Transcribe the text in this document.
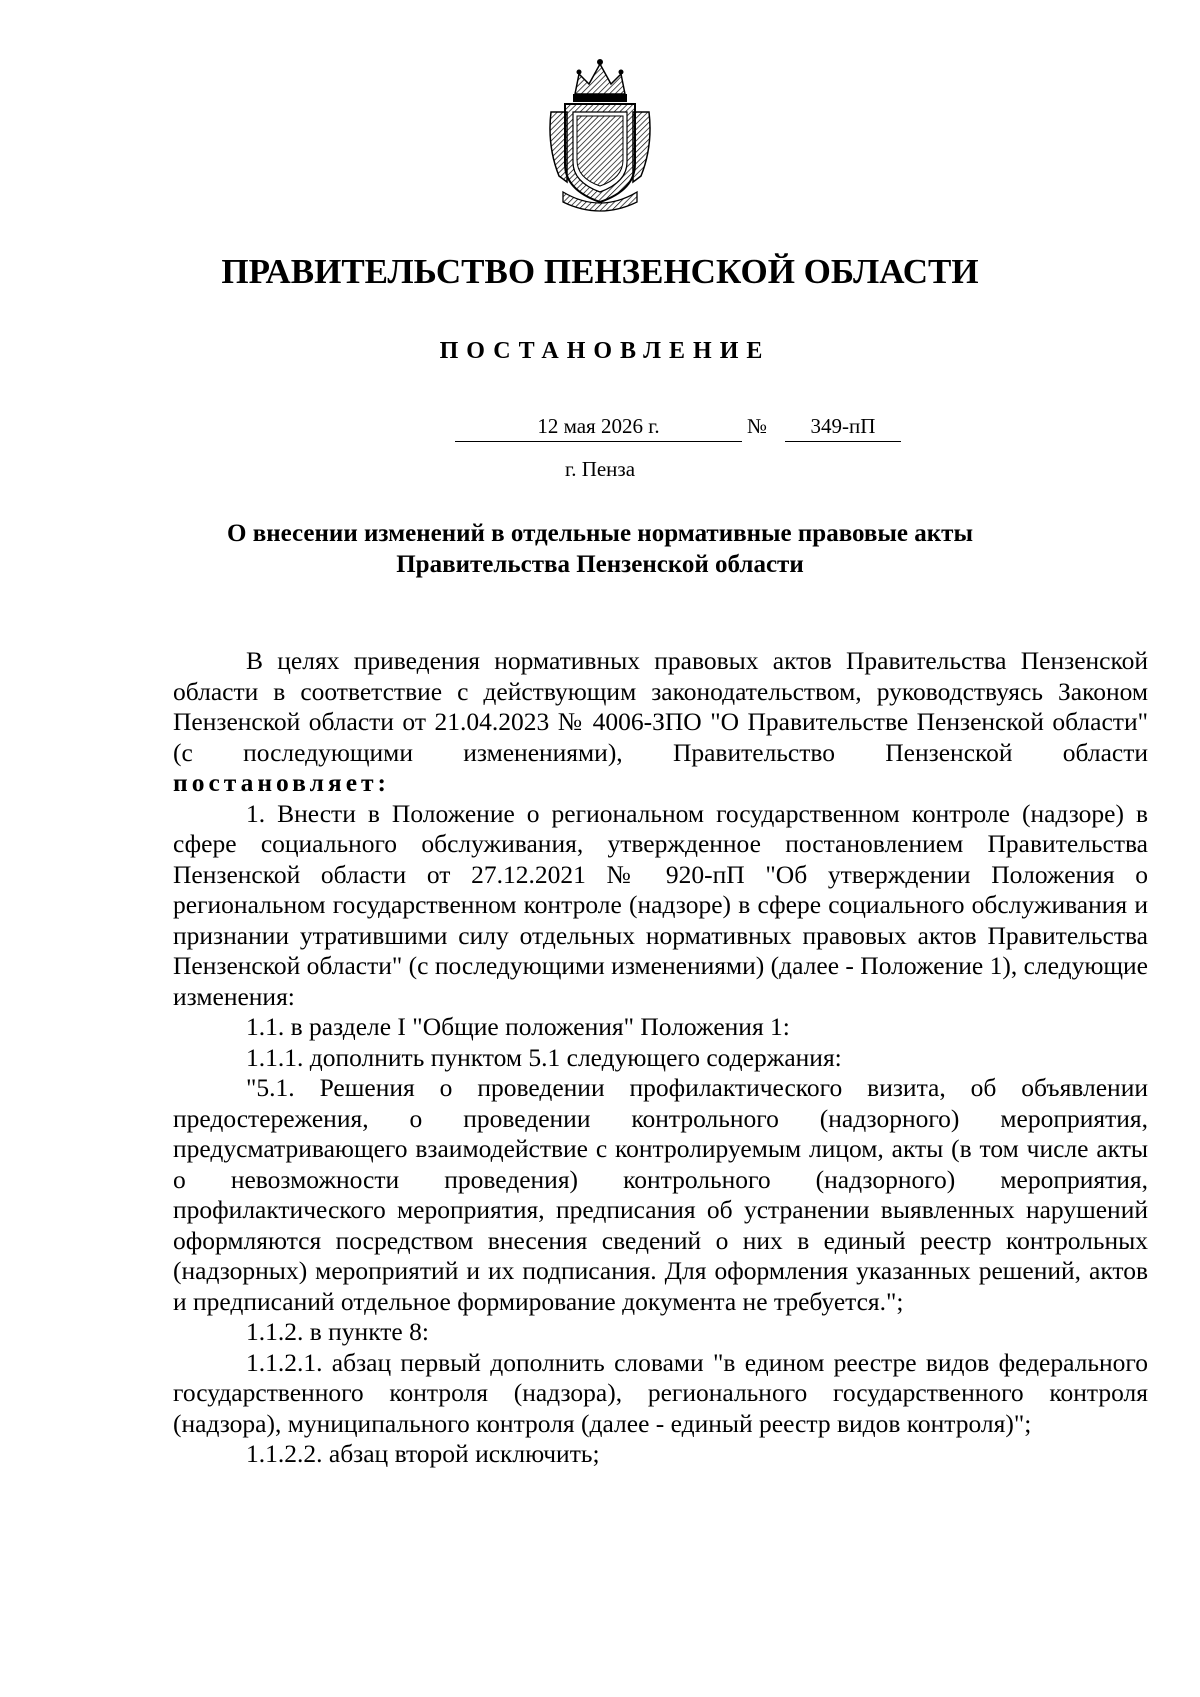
ПРАВИТЕЛЬСТВО ПЕНЗЕНСКОЙ ОБЛАСТИ
ПОСТАНОВЛЕНИЕ
12 мая 2026 г.	№	349-пП
г. Пенза
О внесении изменений в отдельные нормативные правовые акты
Правительства Пензенской области

В целях приведения нормативных правовых актов Правительства Пензенской области в соответствие с действующим законодательством, руководствуясь Законом Пензенской области от 21.04.2023 № 4006-ЗПО "О Правительстве Пензенской области" (с последующими изменениями), Правительство Пензенской области постановляет:

1. Внести в Положение о региональном государственном контроле (надзоре) в сфере социального обслуживания, утвержденное постановлением Правительства Пензенской области от 27.12.2021 № 920-пП "Об утверждении Положения о региональном государственном контроле (надзоре) в сфере социального обслуживания и признании утратившими силу отдельных нормативных правовых актов Правительства Пензенской области" (с последующими изменениями) (далее - Положение 1), следующие изменения:

1.1. в разделе I "Общие положения" Положения 1:

1.1.1. дополнить пунктом 5.1 следующего содержания:

"5.1. Решения о проведении профилактического визита, об объявлении предостережения, о проведении контрольного (надзорного) мероприятия, предусматривающего взаимодействие с контролируемым лицом, акты (в том числе акты о невозможности проведения) контрольного (надзорного) мероприятия, профилактического мероприятия, предписания об устранении выявленных нарушений оформляются посредством внесения сведений о них в единый реестр контрольных (надзорных) мероприятий и их подписания. Для оформления указанных решений, актов и предписаний отдельное формирование документа не требуется.";

1.1.2. в пункте 8:

1.1.2.1. абзац первый дополнить словами "в едином реестре видов федерального государственного контроля (надзора), регионального государственного контроля (надзора), муниципального контроля (далее - единый реестр видов контроля)";

1.1.2.2. абзац второй исключить;
